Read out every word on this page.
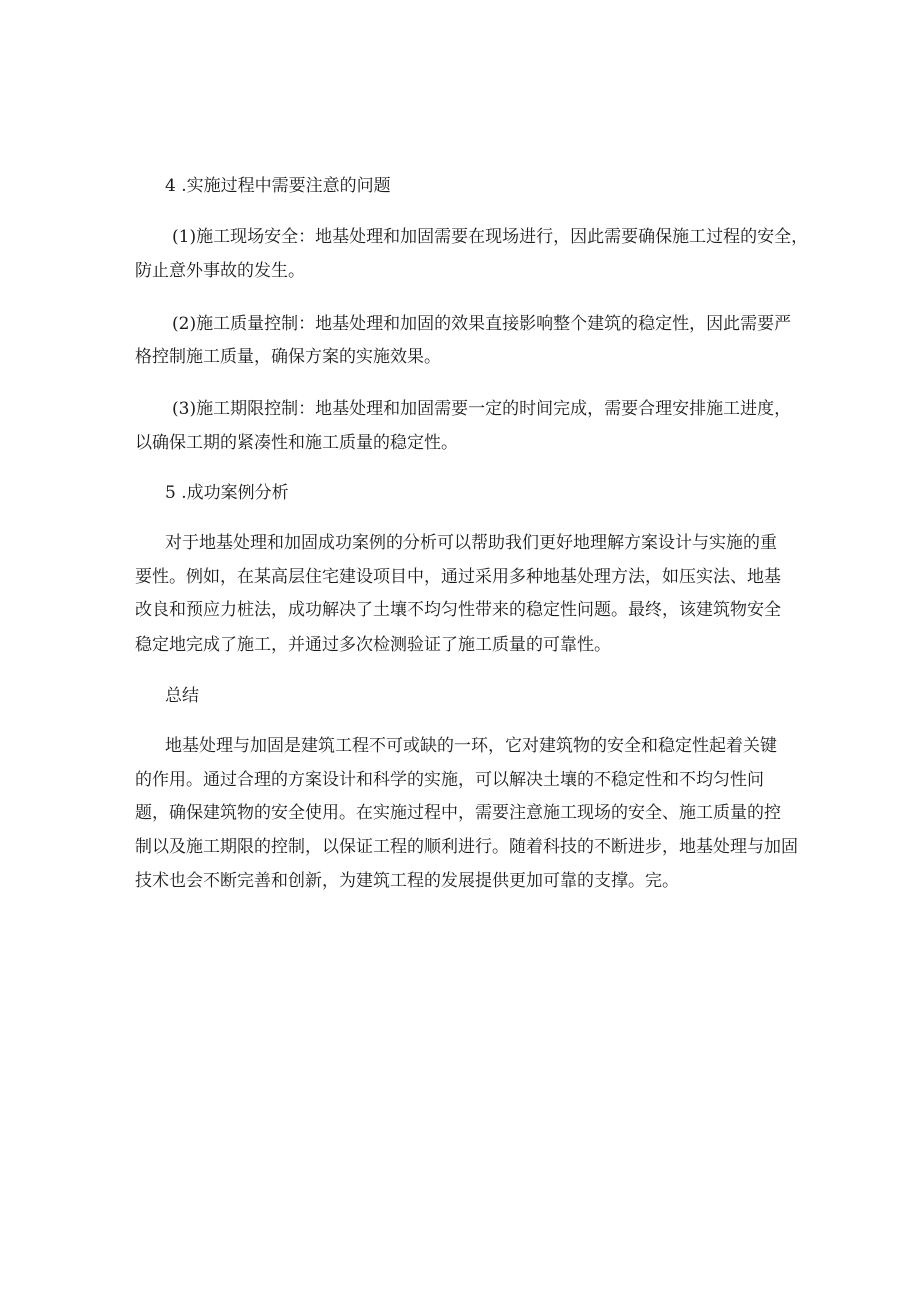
4 .实施过程中需要注意的问题
(1)施工现场安全：地基处理和加固需要在现场进行，因此需要确保施工过程的安全，
防止意外事故的发生。
(2)施工质量控制：地基处理和加固的效果直接影响整个建筑的稳定性，因此需要严
格控制施工质量，确保方案的实施效果。
(3)施工期限控制：地基处理和加固需要一定的时间完成，需要合理安排施工进度，
以确保工期的紧凑性和施工质量的稳定性。
5 .成功案例分析
对于地基处理和加固成功案例的分析可以帮助我们更好地理解方案设计与实施的重
要性。例如，在某高层住宅建设项目中，通过采用多种地基处理方法，如压实法、地基
改良和预应力桩法，成功解决了土壤不均匀性带来的稳定性问题。最终，该建筑物安全
稳定地完成了施工，并通过多次检测验证了施工质量的可靠性。
总结
地基处理与加固是建筑工程不可或缺的一环，它对建筑物的安全和稳定性起着关键
的作用。通过合理的方案设计和科学的实施，可以解决土壤的不稳定性和不均匀性问
题，确保建筑物的安全使用。在实施过程中，需要注意施工现场的安全、施工质量的控
制以及施工期限的控制，以保证工程的顺利进行。随着科技的不断进步，地基处理与加固
技术也会不断完善和创新，为建筑工程的发展提供更加可靠的支撑。完。
